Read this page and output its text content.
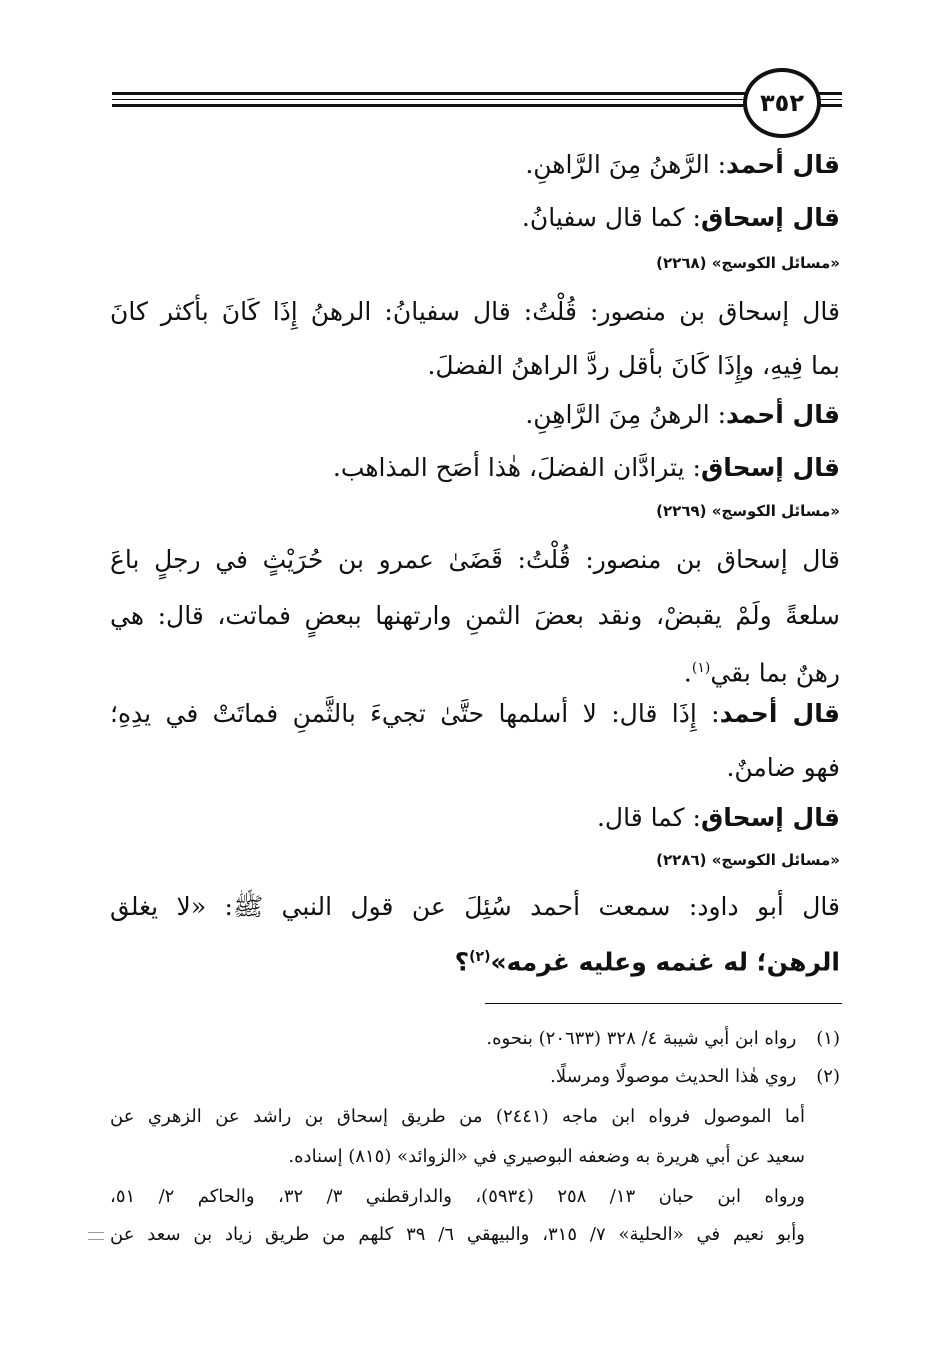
٣٥٢
قال أحمد: الرَّهنُ مِنَ الرَّاهنِ.
قال إسحاق: كما قال سفيانُ.
«مسائل الكوسج» (٢٢٦٨)
قال إسحاق بن منصور: قُلْتُ: قال سفيانُ: الرهنُ إِذَا كَانَ بأكثر كانَ
بما فِيهِ، وإِذَا كَانَ بأقل ردَّ الراهنُ الفضلَ.
قال أحمد: الرهنُ مِنَ الرَّاهِنِ.
قال إسحاق: يترادَّان الفضلَ، هٰذا أصَح المذاهب.
«مسائل الكوسج» (٢٢٦٩)
قال إسحاق بن منصور: قُلْتُ: قَضَىٰ عمرو بن حُرَيْثٍ في رجلٍ باعَ
سلعةً ولَمْ يقبضْ، ونقد بعضَ الثمنِ وارتهنها ببعضٍ فماتت، قال: هي
رهنٌ بما بقي$^{(١)}$.
قال أحمد: إِذَا قال: لا أسلمها حتَّىٰ تجيءَ بالثَّمنِ فماتَتْ في يدِهِ؛
فهو ضامنٌ.
قال إسحاق: كما قال.
«مسائل الكوسج» (٢٢٨٦)
قال أبو داود: سمعت أحمد سُئِلَ عن قول النبي ﷺ: «لا يغلق
الرهن؛ له غنمه وعليه غرمه»$^{(٢)}$؟
(١) رواه ابن أبي شيبة ٤/ ٣٢٨ (٢٠٦٣٣) بنحوه.
(٢) روي هٰذا الحديث موصولًا ومرسلًا.
أما الموصول فرواه ابن ماجه (٢٤٤١) من طريق إسحاق بن راشد عن الزهري عن
سعيد عن أبي هريرة به وضعفه البوصيري في «الزوائد» (٨١٥) إسناده.
ورواه ابن حبان ١٣/ ٢٥٨ (٥٩٣٤)، والدارقطني ٣/ ٣٢، والحاكم ٢/ ٥١،
وأبو نعيم في «الحلية» ٧/ ٣١٥، والبيهقي ٦/ ٣٩ كلهم من طريق زياد بن سعد عن
